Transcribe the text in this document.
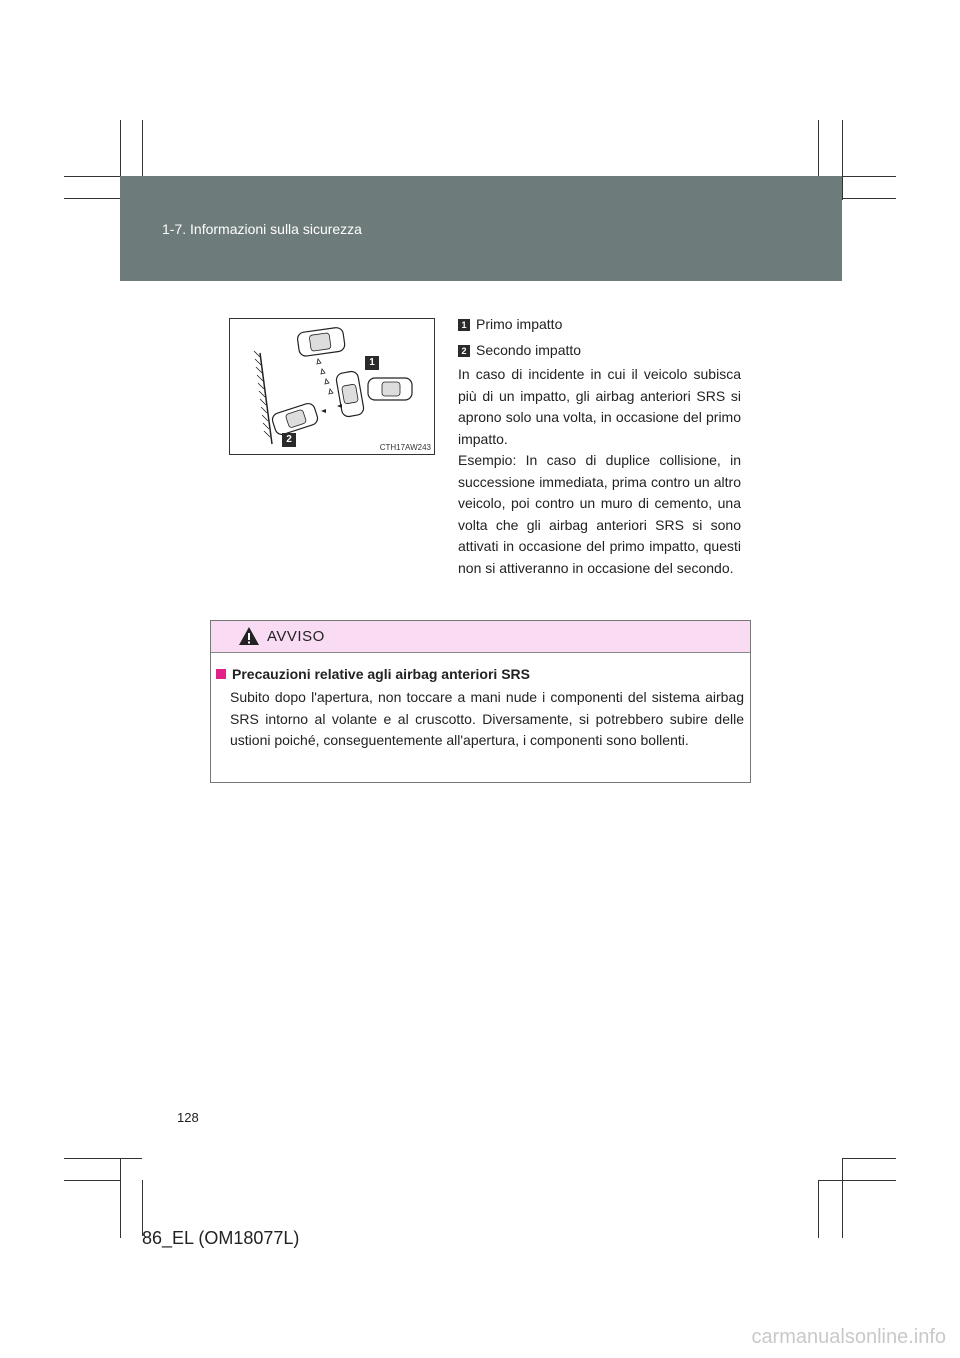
1-7. Informazioni sulla sicurezza
1
2
CTH17AW243
1 Primo impatto
2 Secondo impatto

In caso di incidente in cui il veicolo subisca più di un impatto, gli airbag anteriori SRS si aprono solo una volta, in occasione del primo impatto.

Esempio: In caso di duplice collisione, in successione immediata, prima contro un altro veicolo, poi contro un muro di cemento, una volta che gli airbag anteriori SRS si sono attivati in occasione del primo impatto, questi non si attiveranno in occasione del secondo.

AVVISO
Precauzioni relative agli airbag anteriori SRS

Subito dopo l'apertura, non toccare a mani nude i componenti del sistema airbag SRS intorno al volante e al cruscotto. Diversamente, si potrebbero subire delle ustioni poiché, conseguentemente all'apertura, i componenti sono bollenti.

128
86_EL (OM18077L)
carmanualsonline.info
